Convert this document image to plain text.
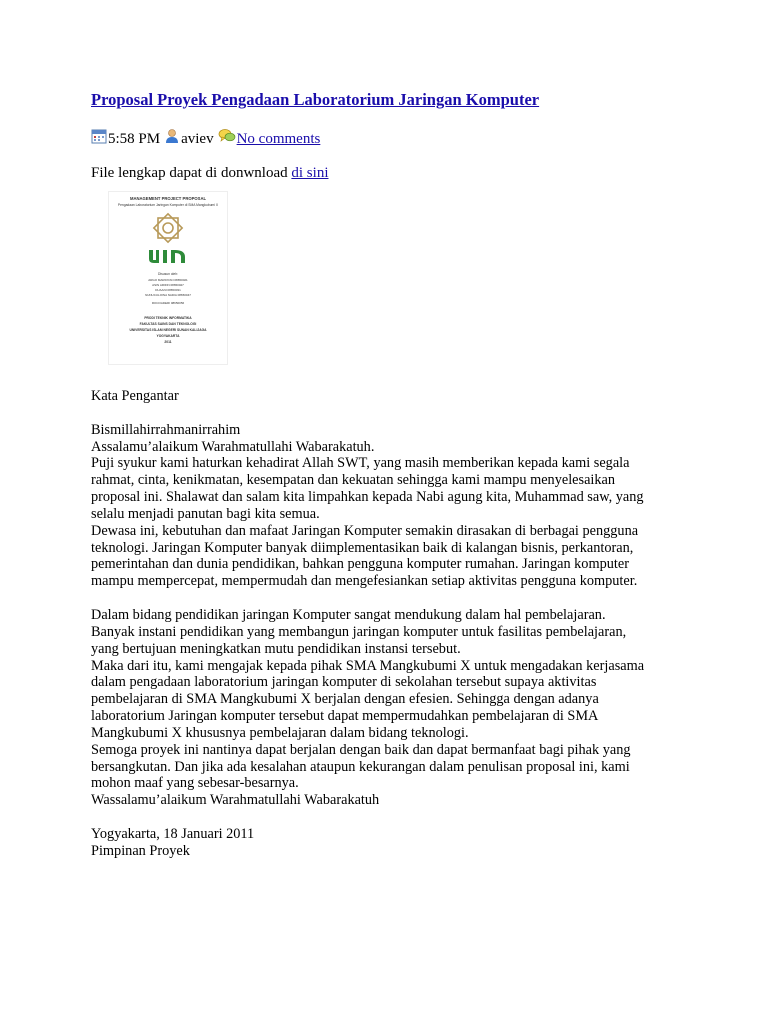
Proposal Proyek Pengadaan Laboratorium Jaringan Komputer
5:58 PM aviev No comments
File lengkap dapat di donwnload di sini
MANAGEMENT PROJECT PROPOSAL
Pengadaan Laboratorium Jaringan Komputer di SMA Mangkubumi X
Disusun oleh:
ARGO MARDIYAN 08650021
ASIN ARIFIN 08650027
DUAANI 08650031
NUNUCULOINA NADIA 08650047
ROCOADERI 08650056
PRODI TEKNIK INFORMATIKA
FAKULTAS SAINS DAN TEKNOLOGI
UNIVERSITAS ISLAM NEGERI SUNAN KALIJAGA
YOGYAKARTA
2011

Kata Pengantar

Bismillahirrahmanirrahim

Assalamu’alaikum Warahmatullahi Wabarakatuh.

Puji syukur kami haturkan kehadirat Allah SWT, yang masih memberikan kepada kami segala

rahmat, cinta, kenikmatan, kesempatan dan kekuatan sehingga kami mampu menyelesaikan

proposal ini. Shalawat dan salam kita limpahkan kepada Nabi agung kita, Muhammad saw, yang

selalu menjadi panutan bagi kita semua.

Dewasa ini, kebutuhan dan mafaat Jaringan Komputer semakin dirasakan di berbagai pengguna

teknologi. Jaringan Komputer banyak diimplementasikan baik di kalangan bisnis, perkantoran,

pemerintahan dan dunia pendidikan, bahkan pengguna komputer rumahan. Jaringan komputer

mampu mempercepat, mempermudah dan mengefesiankan setiap aktivitas pengguna komputer.

Dalam bidang pendidikan jaringan Komputer sangat mendukung dalam hal pembelajaran.

Banyak instani pendidikan yang membangun jaringan komputer untuk fasilitas pembelajaran,

yang bertujuan meningkatkan mutu pendidikan instansi tersebut.

Maka dari itu, kami mengajak kepada pihak SMA Mangkubumi X untuk mengadakan kerjasama

dalam pengadaan laboratorium jaringan komputer di sekolahan tersebut supaya aktivitas

pembelajaran di SMA Mangkubumi X berjalan dengan efesien. Sehingga dengan adanya

laboratorium Jaringan komputer tersebut dapat mempermudahkan pembelajaran di SMA

Mangkubumi X khususnya pembelajaran dalam bidang teknologi.

Semoga proyek ini nantinya dapat berjalan dengan baik dan dapat bermanfaat bagi pihak yang

bersangkutan. Dan jika ada kesalahan ataupun kekurangan dalam penulisan proposal ini, kami

mohon maaf yang sebesar-besarnya.

Wassalamu’alaikum Warahmatullahi Wabarakatuh

Yogyakarta, 18 Januari 2011

Pimpinan Proyek
